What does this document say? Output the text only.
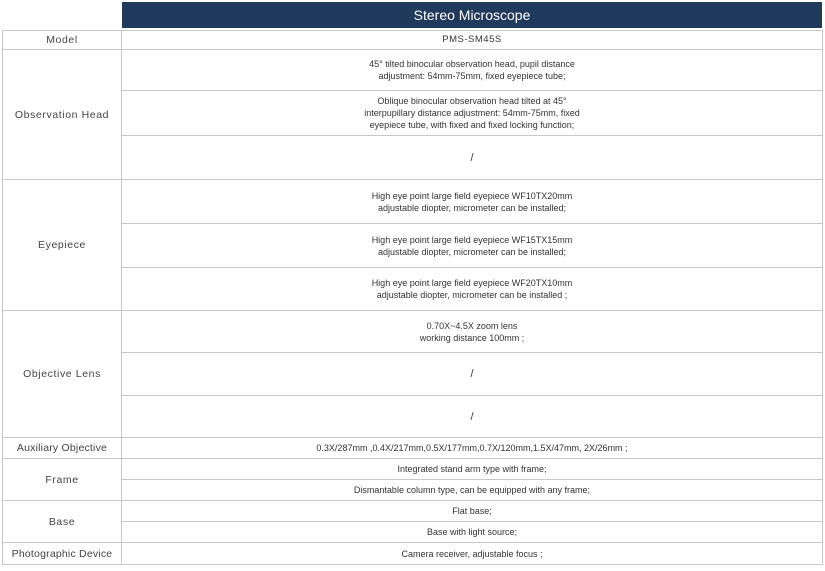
Stereo Microscope
Model	PMS-SM45S
Observation Head	45° tilted binocular observation head, pupil distance
adjustment: 54mm-75mm, fixed eyepiece tube;

	Oblique binocular observation head tilted at 45°
interpupillary distance adjustment: 54mm-75mm, fixed
eyepiece tube, with fixed and fixed locking function;

	/
Eyepiece	High eye point large field eyepiece WF10TX20mm
adjustable diopter, micrometer can be installed;

	High eye point large field eyepiece WF15TX15mm
adjustable diopter, micrometer can be installed;

	High eye point large field eyepiece WF20TX10mm
adjustable diopter, micrometer can be installed ;

Objective Lens	0.70X~4.5X zoom lens
working distance 100mm ;

	/
	/
Auxiliary Objective	0.3X/287mm ,0.4X/217mm,0.5X/177mm,0.7X/120mm,1.5X/47mm, 2X/26mm ;
Frame	Integrated stand arm type with frame;
	Dismantable column type, can be equipped with any frame;
Base	Flat base;
	Base with light source;
Photographic Device	Camera receiver, adjustable focus ;
